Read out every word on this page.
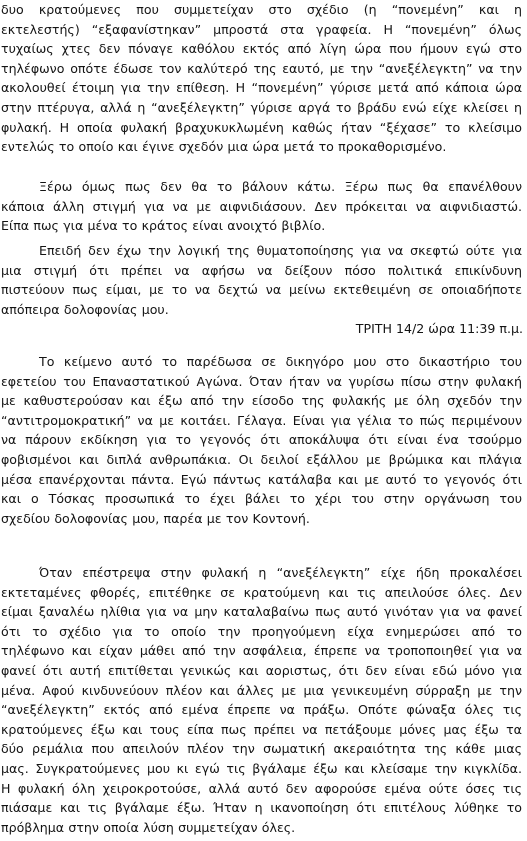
δυο κρατούμενες που συμμετείχαν στο σχέδιο (η “πονεμένη” και η
εκτελεστής) “εξαφανίστηκαν” μπροστά στα γραφεία. Η “πονεμένη” όλως
τυχαίως χτες δεν πόναγε καθόλου εκτός από λίγη ώρα που ήμουν εγώ στο
τηλέφωνο οπότε έδωσε τον καλύτερό της εαυτό, με την “ανεξέλεγκτη” να την
ακολουθεί έτοιμη για την επίθεση. Η “πονεμένη” γύρισε μετά από κάποια ώρα
στην πτέρυγα, αλλά η “ανεξέλεγκτη” γύρισε αργά το βράδυ ενώ είχε κλείσει η
φυλακή. Η οποία φυλακή βραχυκυκλωμένη καθώς ήταν “ξέχασε” το κλείσιμο
εντελώς το οποίο και έγινε σχεδόν μια ώρα μετά το προκαθορισμένο.
Ξέρω όμως πως δεν θα το βάλουν κάτω. Ξέρω πως θα επανέλθουν
κάποια άλλη στιγμή για να με αιφνιδιάσουν. Δεν πρόκειται να αιφνιδιαστώ.
Είπα πως για μένα το κράτος είναι ανοιχτό βιβλίο.
Επειδή δεν έχω την λογική της θυματοποίησης για να σκεφτώ ούτε για
μια στιγμή ότι πρέπει να αφήσω να δείξουν πόσο πολιτικά επικίνδυνη
πιστεύουν πως είμαι, με το να δεχτώ να μείνω εκτεθειμένη σε οποιαδήποτε
απόπειρα δολοφονίας μου.
ΤΡΙΤΗ 14/2 ώρα 11:39 π.μ.
Το κείμενο αυτό το παρέδωσα σε δικηγόρο μου στο δικαστήριο του
εφετείου του Επαναστατικού Αγώνα. Όταν ήταν να γυρίσω πίσω στην φυλακή
με καθυστερούσαν και έξω από την είσοδο της φυλακής με όλη σχεδόν την
“αντιτρομοκρατική” να με κοιτάει. Γέλαγα. Είναι για γέλια το πώς περιμένουν
να πάρουν εκδίκηση για το γεγονός ότι αποκάλυψα ότι είναι ένα τσούρμο
φοβισμένοι και διπλά ανθρωπάκια. Οι δειλοί εξάλλου με βρώμικα και πλάγια
μέσα επανέρχονται πάντα. Εγώ πάντως κατάλαβα και με αυτό το γεγονός ότι
και ο Τόσκας προσωπικά το έχει βάλει το χέρι του στην οργάνωση του
σχεδίου δολοφονίας μου, παρέα με τον Κοντονή.
Όταν επέστρεψα στην φυλακή η “ανεξέλεγκτη” είχε ήδη προκαλέσει
εκτεταμένες φθορές, επιτέθηκε σε κρατούμενη και τις απειλούσε όλες. Δεν
είμαι ξαναλέω ηλίθια για να μην καταλαβαίνω πως αυτό γινόταν για να φανεί
ότι το σχέδιο για το οποίο την προηγούμενη είχα ενημερώσει από το
τηλέφωνο και είχαν μάθει από την ασφάλεια, έπρεπε να τροποποιηθεί για να
φανεί ότι αυτή επιτίθεται γενικώς και αοριστως, ότι δεν είναι εδώ μόνο για
μένα. Αφού κινδυνεύουν πλέον και άλλες με μια γενικευμένη σύρραξη με την
“ανεξέλεγκτη” εκτός από εμένα έπρεπε να πράξω. Οπότε φώναξα όλες τις
κρατούμενες έξω και τους είπα πως πρέπει να πετάξουμε μόνες μας έξω τα
δύο ρεμάλια που απειλούν πλέον την σωματική ακεραιότητα της κάθε μιας
μας. Συγκρατούμενες μου κι εγώ τις βγάλαμε έξω και κλείσαμε την κιγκλίδα.
Η φυλακή όλη χειροκροτούσε, αλλά αυτό δεν αφορούσε εμένα ούτε όσες τις
πιάσαμε και τις βγάλαμε έξω. Ήταν η ικανοποίηση ότι επιτέλους λύθηκε το
πρόβλημα στην οποία λύση συμμετείχαν όλες.
